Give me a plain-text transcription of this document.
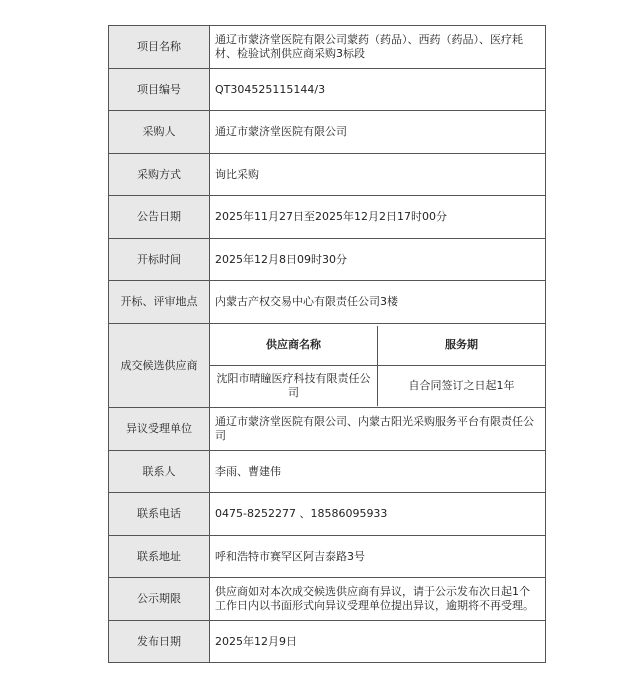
项目名称	通辽市蒙济堂医院有限公司蒙药（药品）、西药（药品）、医疗耗材、检验试剂供应商采购3标段
项目编号	QT304525115144/3
采购人	通辽市蒙济堂医院有限公司
采购方式	询比采购
公告日期	2025年11月27日至2025年12月2日17时00分
开标时间	2025年12月8日09时30分
开标、评审地点	内蒙古产权交易中心有限责任公司3楼
成交候选供应商	
供应商名称	服务期
沈阳市晴瞳医疗科技有限责任公司	自合同签订之日起1年

异议受理单位	通辽市蒙济堂医院有限公司、内蒙古阳光采购服务平台有限责任公司
联系人	李雨、曹建伟
联系电话	0475-8252277 、18586095933
联系地址	呼和浩特市赛罕区阿吉泰路3号
公示期限	供应商如对本次成交候选供应商有异议，请于公示发布次日起1个工作日内以书面形式向异议受理单位提出异议，逾期将不再受理。
发布日期	2025年12月9日
